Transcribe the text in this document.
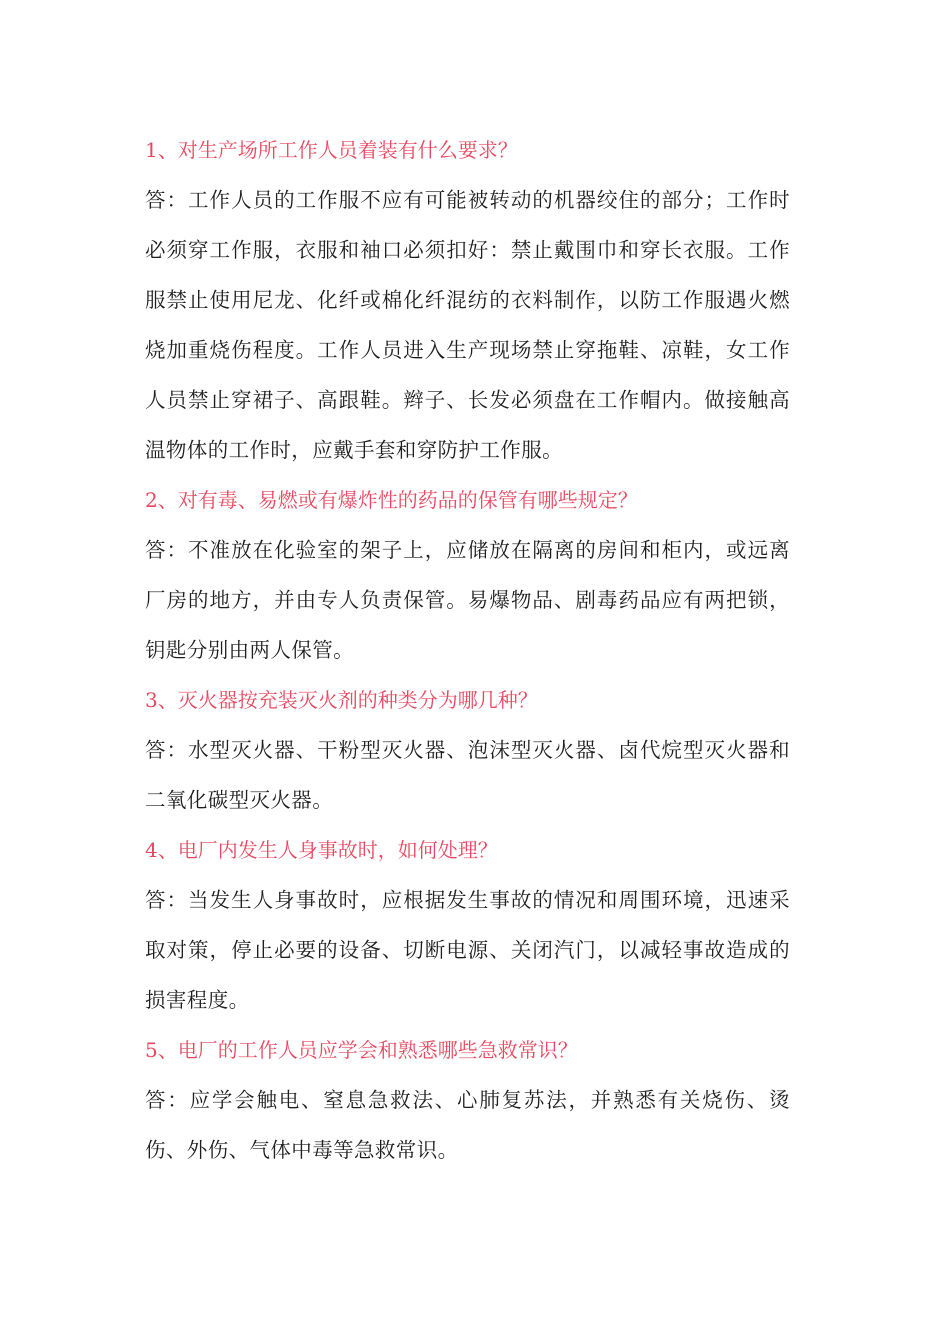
1、对生产场所工作人员着装有什么要求？

答：工作人员的工作服不应有可能被转动的机器绞住的部分；工作时必须穿工作服，衣服和袖口必须扣好：禁止戴围巾和穿长衣服。工作服禁止使用尼龙、化纤或棉化纤混纺的衣料制作，以防工作服遇火燃烧加重烧伤程度。工作人员进入生产现场禁止穿拖鞋、凉鞋，女工作人员禁止穿裙子、高跟鞋。辫子、长发必须盘在工作帽内。做接触高温物体的工作时，应戴手套和穿防护工作服。

2、对有毒、易燃或有爆炸性的药品的保管有哪些规定？

答：不准放在化验室的架子上，应储放在隔离的房间和柜内，或远离厂房的地方，并由专人负责保管。易爆物品、剧毒药品应有两把锁，钥匙分别由两人保管。

3、灭火器按充装灭火剂的种类分为哪几种？

答：水型灭火器、干粉型灭火器、泡沫型灭火器、卤代烷型灭火器和二氧化碳型灭火器。

4、电厂内发生人身事故时，如何处理？

答：当发生人身事故时，应根据发生事故的情况和周围环境，迅速采取对策，停止必要的设备、切断电源、关闭汽门，以减轻事故造成的损害程度。

5、电厂的工作人员应学会和熟悉哪些急救常识？

答：应学会触电、窒息急救法、心肺复苏法，并熟悉有关烧伤、烫伤、外伤、气体中毒等急救常识。
